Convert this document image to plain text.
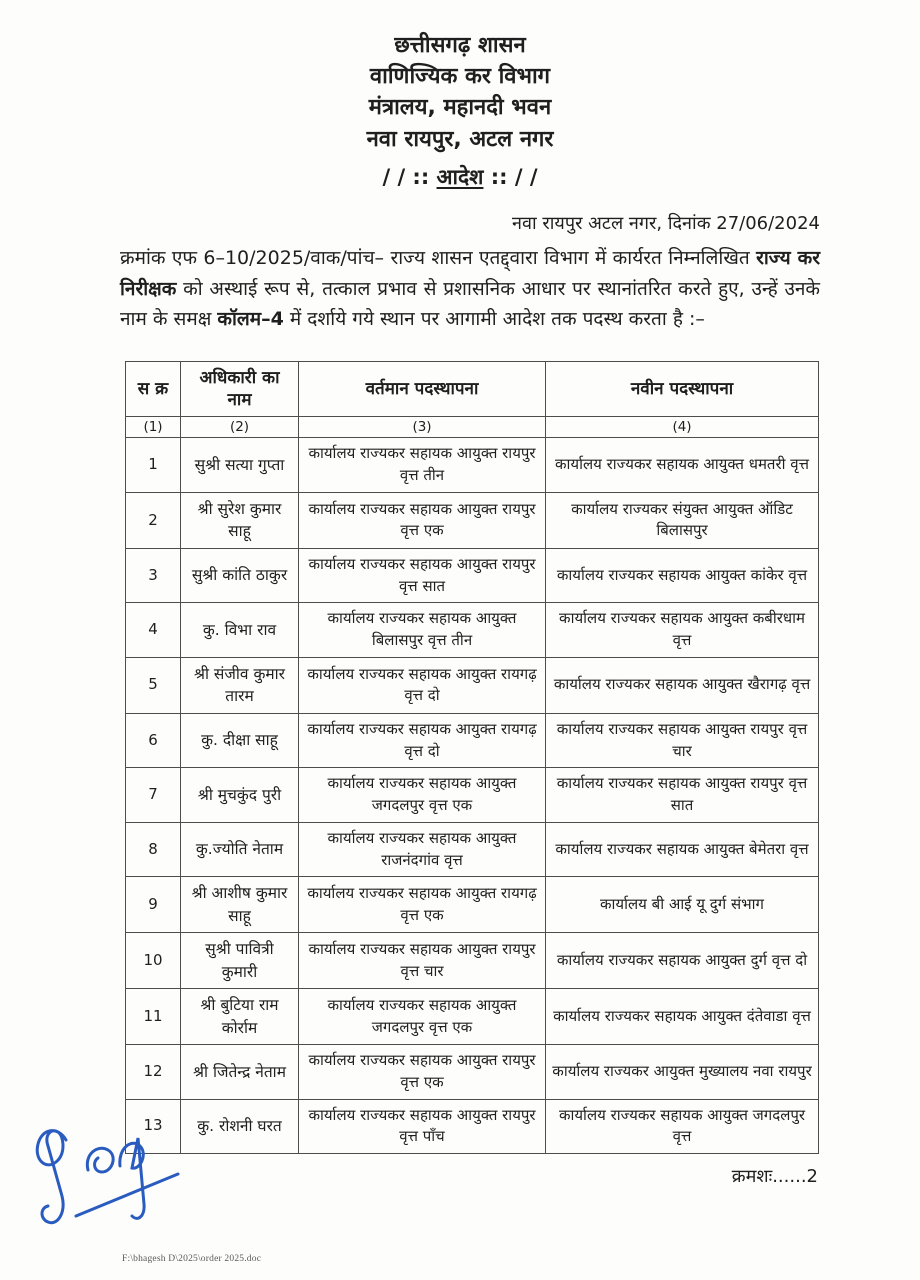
छत्तीसगढ़ शासन
वाणिज्यिक कर विभाग
मंत्रालय, महानदी भवन
नवा रायपुर, अटल नगर
/ / :: आदेश :: / /
नवा रायपुर अटल नगर, दिनांक 27/06/2024
क्रमांक एफ 6–10/2025/वाक/पांच– राज्य शासन एतद्द्वारा विभाग में कार्यरत निम्नलिखित राज्य कर निरीक्षक को अस्थाई रूप से, तत्काल प्रभाव से प्रशासनिक आधार पर स्थानांतरित करते हुए, उन्हें उनके नाम के समक्ष कॉलम–4 में दर्शाये गये स्थान पर आगामी आदेश तक पदस्थ करता है :–
स क्र	अधिकारी का नाम	वर्तमान पदस्थापना	नवीन पदस्थापना
(1)	(2)	(3)	(4)
1	सुश्री सत्या गुप्ता	कार्यालय राज्यकर सहायक आयुक्त रायपुर वृत्त तीन	कार्यालय राज्यकर सहायक आयुक्त धमतरी वृत्त
2	श्री सुरेश कुमार साहू	कार्यालय राज्यकर सहायक आयुक्त रायपुर वृत्त एक	कार्यालय राज्यकर संयुक्त आयुक्त ऑडिट बिलासपुर
3	सुश्री कांति ठाकुर	कार्यालय राज्यकर सहायक आयुक्त रायपुर वृत्त सात	कार्यालय राज्यकर सहायक आयुक्त कांकेर वृत्त
4	कु. विभा राव	कार्यालय राज्यकर सहायक आयुक्त बिलासपुर वृत्त तीन	कार्यालय राज्यकर सहायक आयुक्त कबीरधाम वृत्त
5	श्री संजीव कुमार तारम	कार्यालय राज्यकर सहायक आयुक्त रायगढ़ वृत्त दो	कार्यालय राज्यकर सहायक आयुक्त खैरागढ़ वृत्त
6	कु. दीक्षा साहू	कार्यालय राज्यकर सहायक आयुक्त रायगढ़ वृत्त दो	कार्यालय राज्यकर सहायक आयुक्त रायपुर वृत्त चार
7	श्री मुचकुंद पुरी	कार्यालय राज्यकर सहायक आयुक्त जगदलपुर वृत्त एक	कार्यालय राज्यकर सहायक आयुक्त रायपुर वृत्त सात
8	कु.ज्योति नेताम	कार्यालय राज्यकर सहायक आयुक्त राजनंदगांव वृत्त	कार्यालय राज्यकर सहायक आयुक्त बेमेतरा वृत्त
9	श्री आशीष कुमार साहू	कार्यालय राज्यकर सहायक आयुक्त रायगढ़ वृत्त एक	कार्यालय बी आई यू दुर्ग संभाग
10	सुश्री पावित्री कुमारी	कार्यालय राज्यकर सहायक आयुक्त रायपुर वृत्त चार	कार्यालय राज्यकर सहायक आयुक्त दुर्ग वृत्त दो
11	श्री बुटिया राम कोर्राम	कार्यालय राज्यकर सहायक आयुक्त जगदलपुर वृत्त एक	कार्यालय राज्यकर सहायक आयुक्त दंतेवाडा वृत्त
12	श्री जितेन्द्र नेताम	कार्यालय राज्यकर सहायक आयुक्त रायपुर वृत्त एक	कार्यालय राज्यकर आयुक्त मुख्यालय नवा रायपुर
13	कु. रोशनी घरत	कार्यालय राज्यकर सहायक आयुक्त रायपुर वृत्त पाँच	कार्यालय राज्यकर सहायक आयुक्त जगदलपुर वृत्त
क्रमशः......2
F:\bhagesh D\2025\order 2025.doc
